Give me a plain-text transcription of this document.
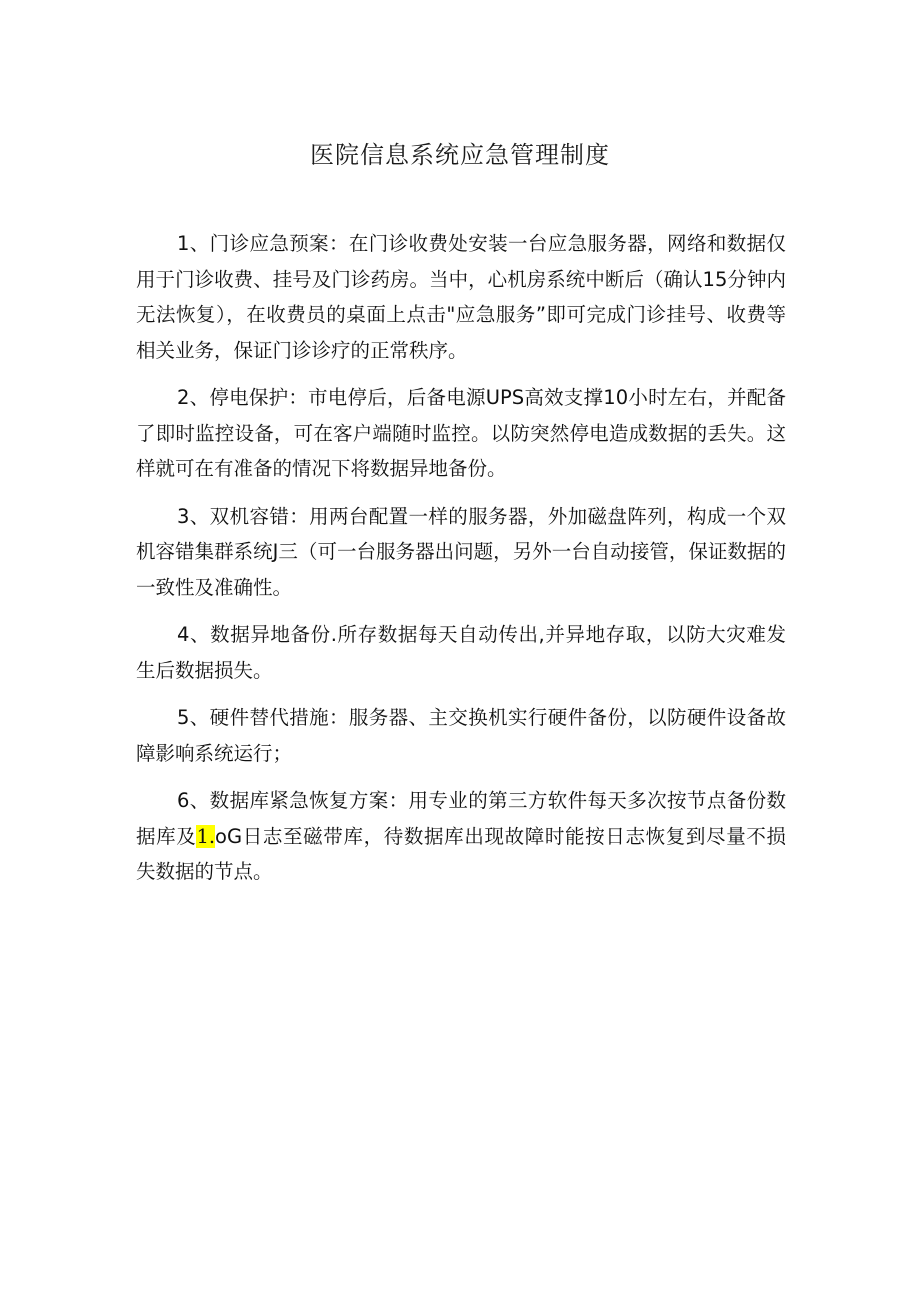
医院信息系统应急管理制度

1、门诊应急预案：在门诊收费处安装一台应急服务器，网络和数据仅用于门诊收费、挂号及门诊药房。当中，心机房系统中断后（确认15分钟内无法恢复），在收费员的桌面上点击"应急服务”即可完成门诊挂号、收费等相关业务，保证门诊诊疗的正常秩序。

2、停电保护：市电停后，后备电源UPS高效支撑10小时左右，并配备了即时监控设备，可在客户端随时监控。以防突然停电造成数据的丢失。这样就可在有准备的情况下将数据异地备份。

3、双机容错：用两台配置一样的服务器，外加磁盘阵列，构成一个双机容错集群系统J三（可一台服务器出问题，另外一台自动接管，保证数据的一致性及准确性。

4、数据异地备份.所存数据每天自动传出,并异地存取，以防大灾难发生后数据损失。

5、硬件替代措施：服务器、主交换机实行硬件备份，以防硬件设备故障影响系统运行；

6、数据库紧急恢复方案：用专业的第三方软件每天多次按节点备份数据库及1.oG日志至磁带库，待数据库出现故障时能按日志恢复到尽量不损失数据的节点。
